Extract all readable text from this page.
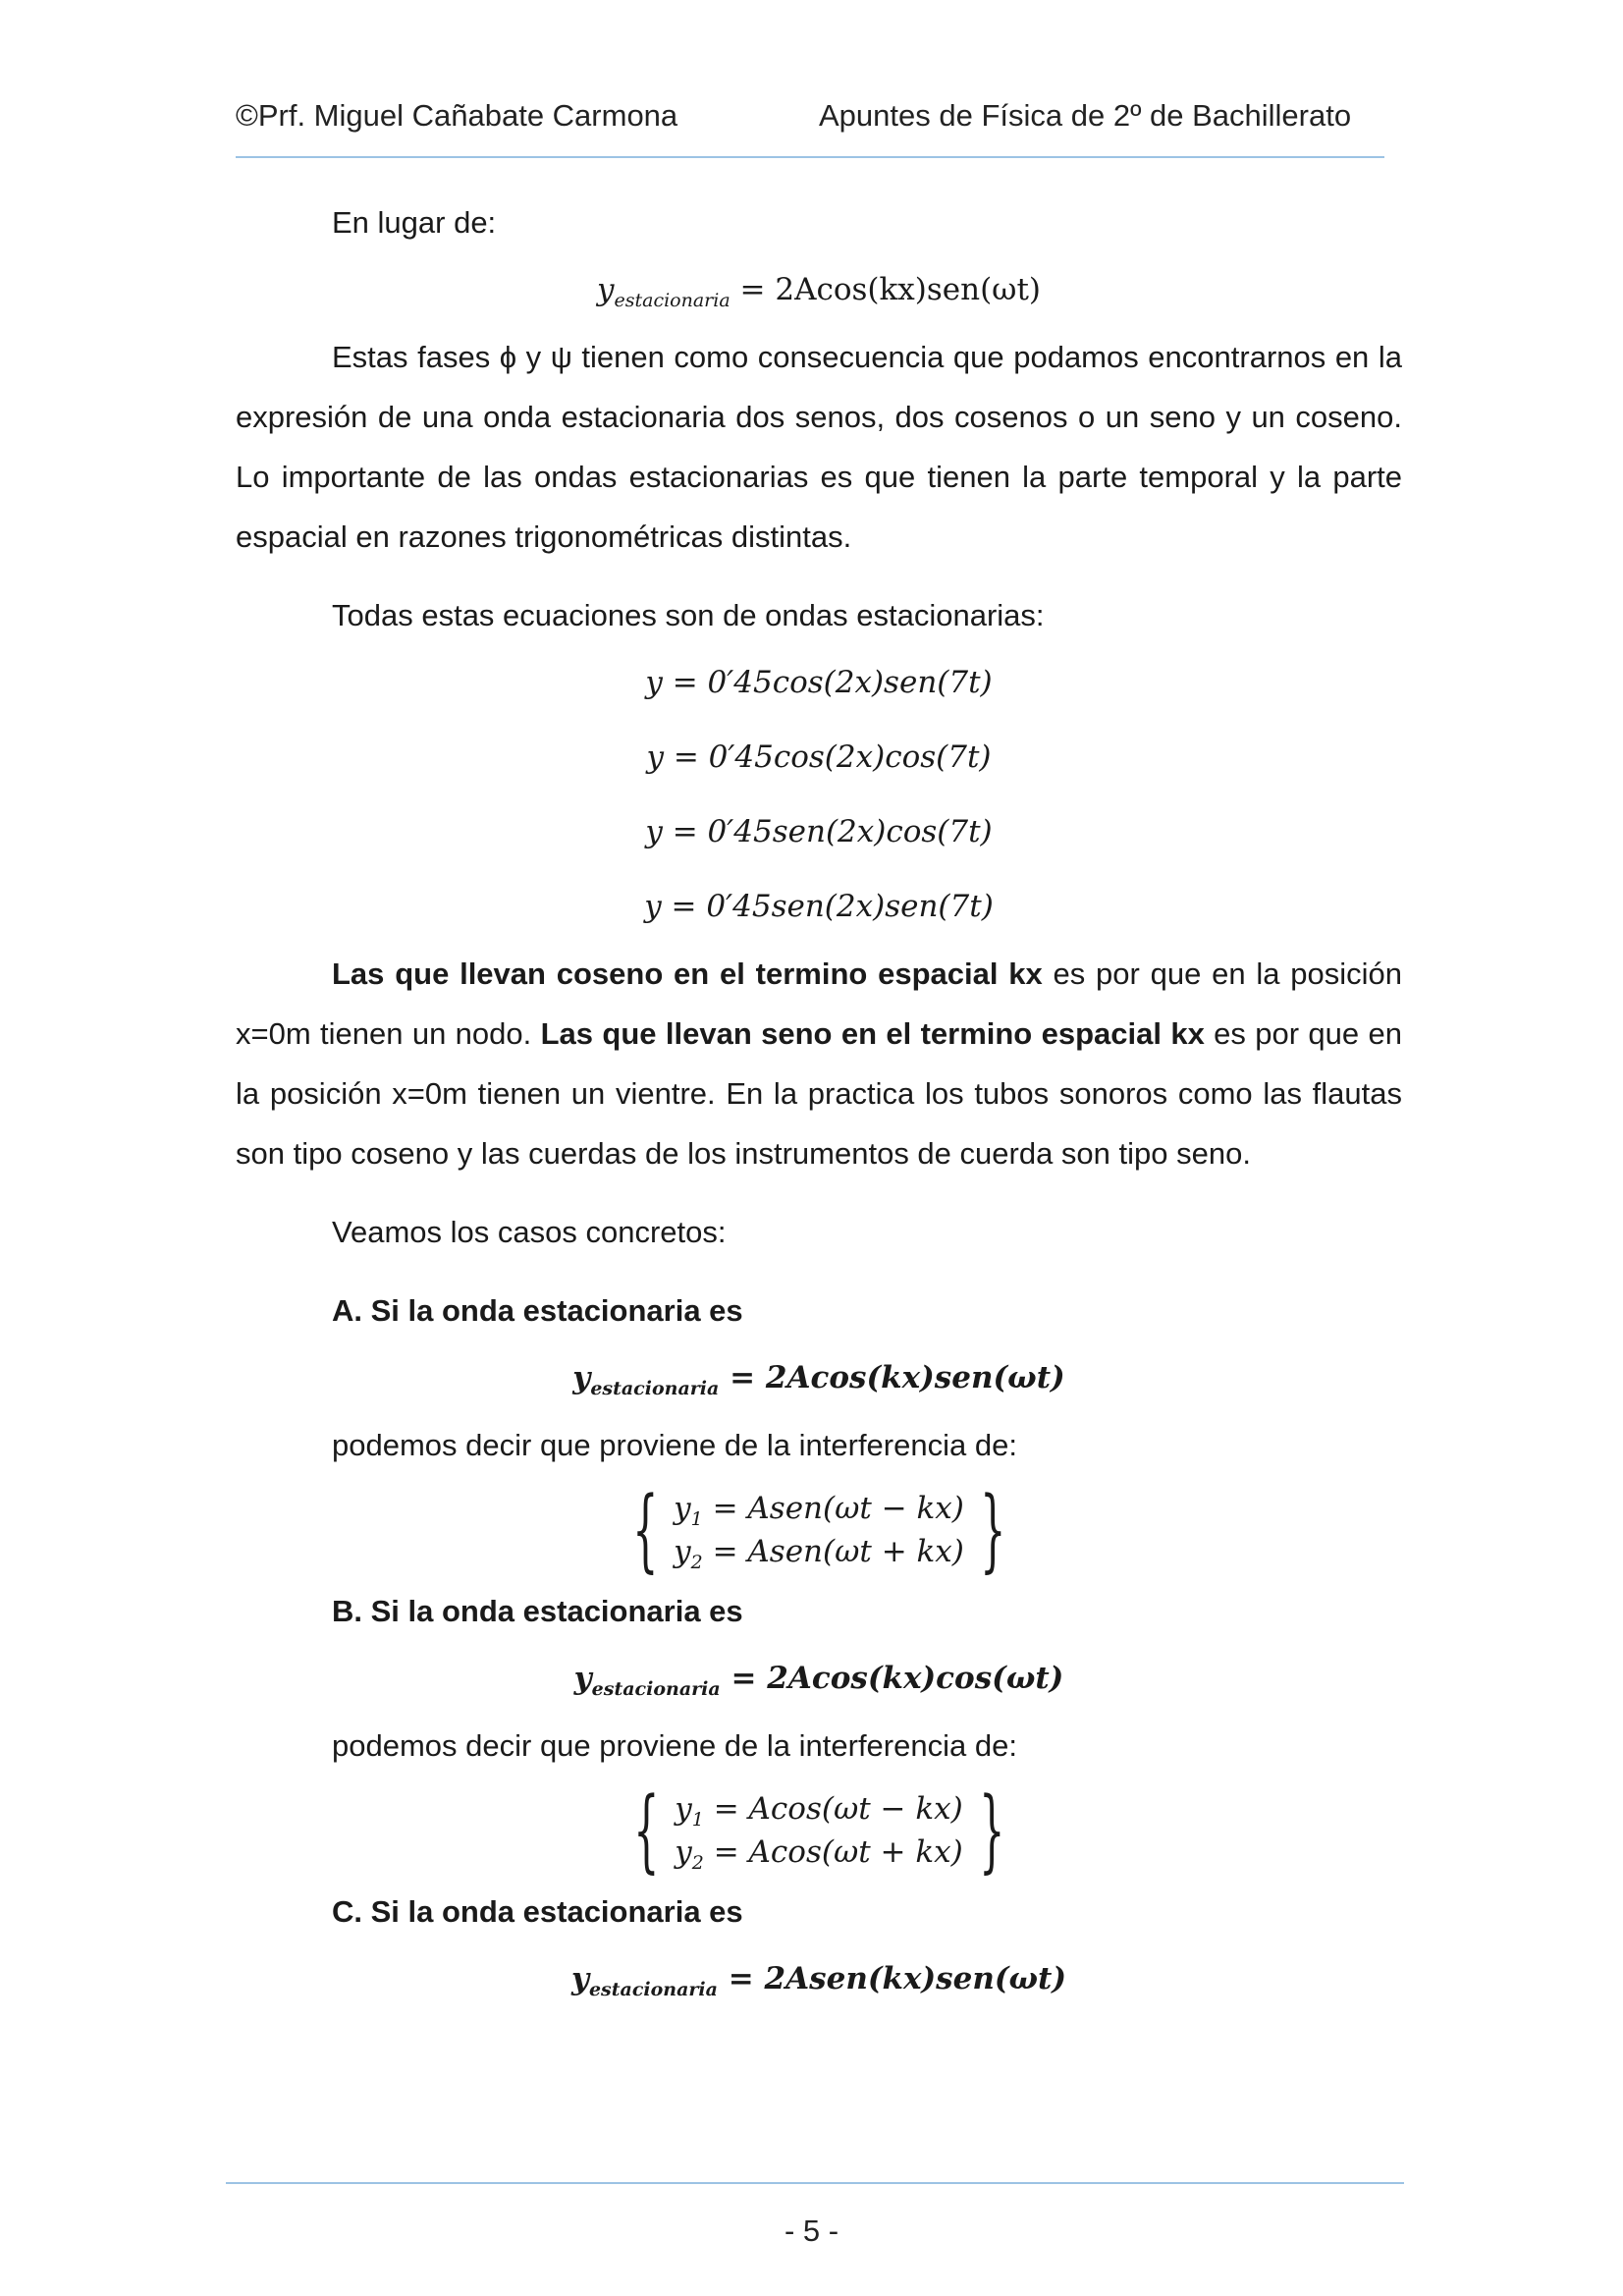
©Prf. Miguel Cañabate Carmona	Apuntes de Física de 2º de Bachillerato

En lugar de:

$y_{estacionaria} = 2Acos(kx)sen(\omega t)$

Estas fases ϕ y ψ tienen como consecuencia que podamos encontrarnos en la expresión de una onda estacionaria dos senos, dos cosenos o un seno y un coseno. Lo importante de las ondas estacionarias es que tienen la parte temporal y la parte espacial en razones trigonométricas distintas.

Todas estas ecuaciones son de ondas estacionarias:

y = 0′45cos(2x)sen(7t)
y = 0′45cos(2x)cos(7t)
y = 0′45sen(2x)cos(7t)
y = 0′45sen(2x)sen(7t)

Las que llevan coseno en el termino espacial kx es por que en la posición x=0m tienen un nodo. Las que llevan seno en el termino espacial kx es por que en la posición x=0m tienen un vientre. En la practica los tubos sonoros como las flautas son tipo coseno y las cuerdas de los instrumentos de cuerda son tipo seno.

Veamos los casos concretos:

A. Si la onda estacionaria es

$y_{estacionaria} = 2Acos(kx)sen(\omega t)$

podemos decir que proviene de la interferencia de:

{ $y_1$ = Asen(ωt − kx)
$y_2$ = Asen(ωt + kx) }

B. Si la onda estacionaria es

$y_{estacionaria} = 2Acos(kx)\cos(\omega t)$

podemos decir que proviene de la interferencia de:

{ $y_1 = Acos(\omega t - kx)$
$y_2 = Acos(\omega t + kx)$ }

C. Si la onda estacionaria es

$y_{estacionaria}$ = 2Asen(kx)sen(ωt)
- 5 -
